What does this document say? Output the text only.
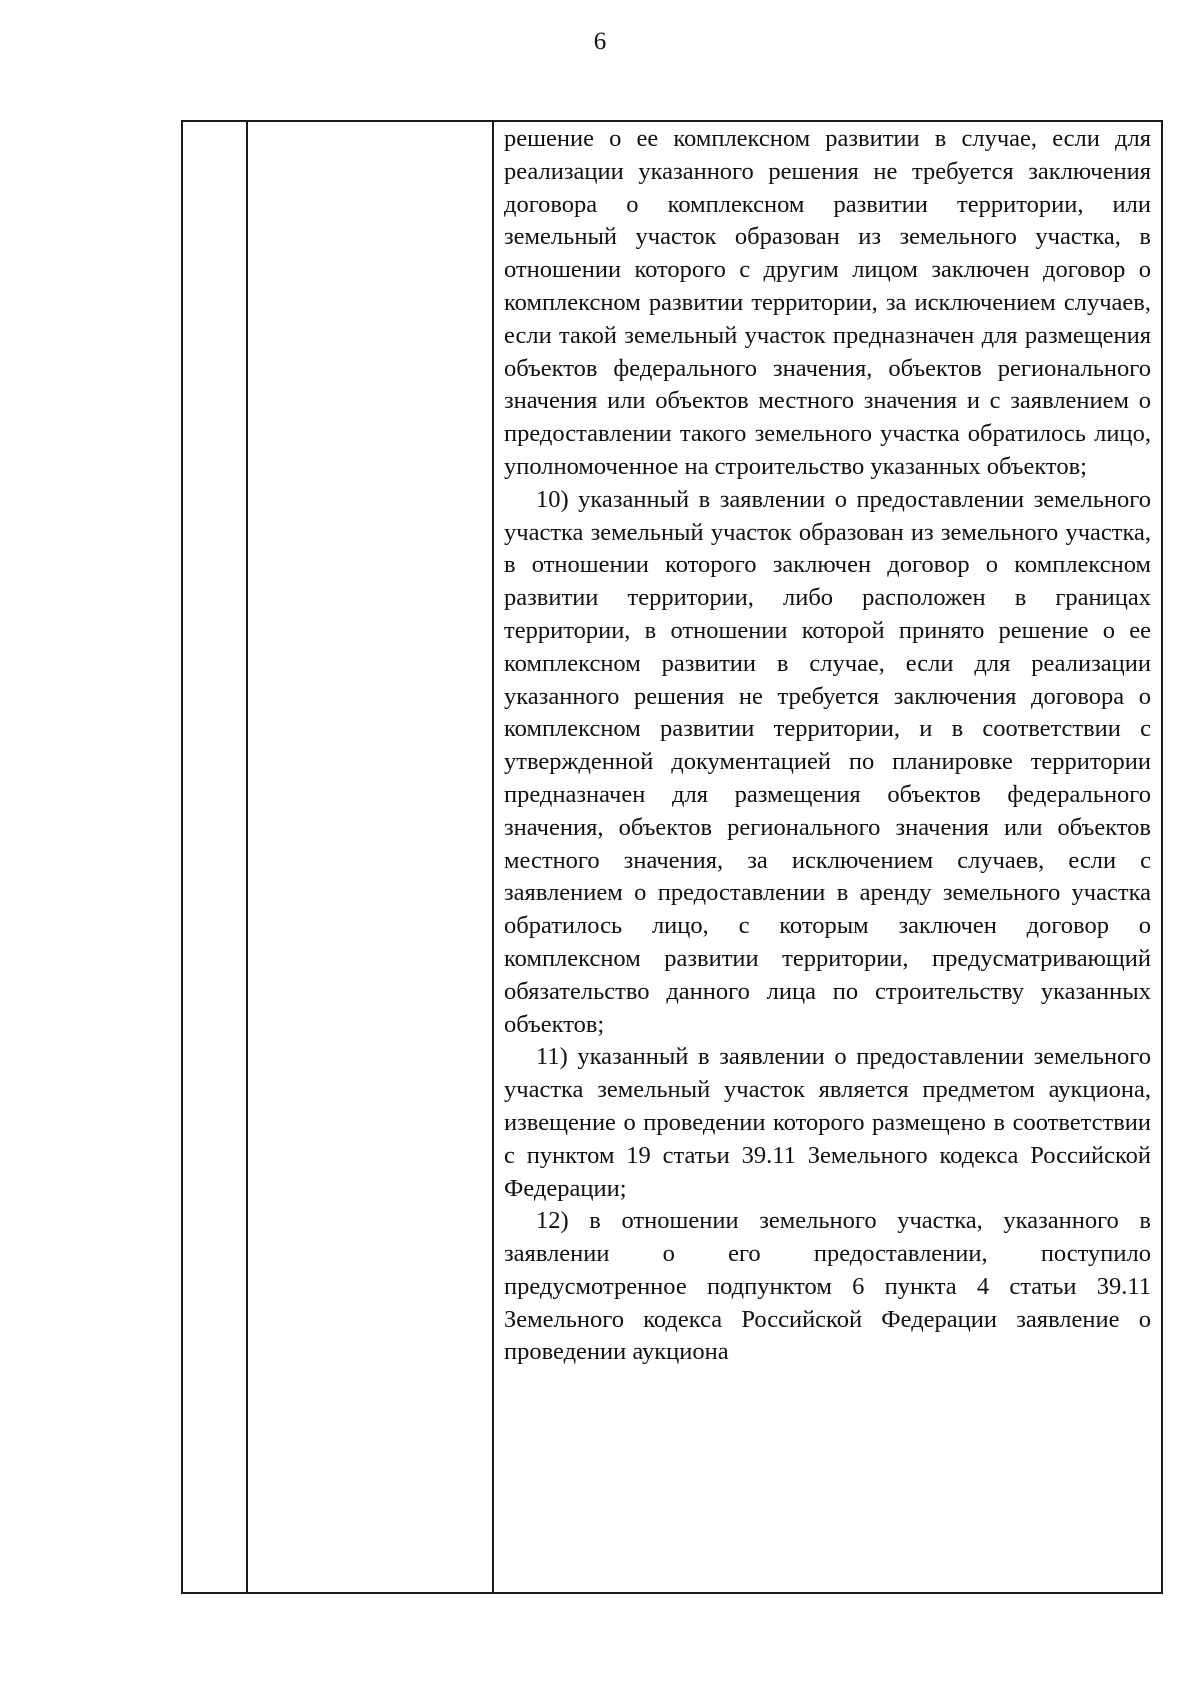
6

решение о ее комплексном развитии в случае, если для реализации указанного решения не требуется заключения договора о комплексном развитии территории, или земельный участок образован из земельного участка, в отношении которого с другим лицом заключен договор о комплексном развитии территории, за исключением случаев, если такой земельный участок предназначен для размещения объектов федерального значения, объектов регионального значения или объектов местного значения и с заявлением о предоставлении такого земельного участка обратилось лицо, уполномоченное на строительство указанных объектов;

10) указанный в заявлении о предоставлении земельного участка земельный участок образован из земельного участка, в отношении которого заключен договор о комплексном развитии территории, либо расположен в границах территории, в отношении которой принято решение о ее комплексном развитии в случае, если для реализации указанного решения не требуется заключения договора о комплексном развитии территории, и в соответствии с утвержденной документацией по планировке территории предназначен для размещения объектов федерального значения, объектов регионального значения или объектов местного значения, за исключением случаев, если с заявлением о предоставлении в аренду земельного участка обратилось лицо, с которым заключен договор о комплексном развитии территории, предусматривающий обязательство данного лица по строительству указанных объектов;

11) указанный в заявлении о предоставлении земельного участка земельный участок является предметом аукциона, извещение о проведении которого размещено в соответствии с пунктом 19 статьи 39.11 Земельного кодекса Российской Федерации;

12) в отношении земельного участка, указанного в заявлении о его предоставлении, поступило предусмотренное подпунктом 6 пункта 4 статьи 39.11 Земельного кодекса Российской Федерации заявление о проведении аукциона
